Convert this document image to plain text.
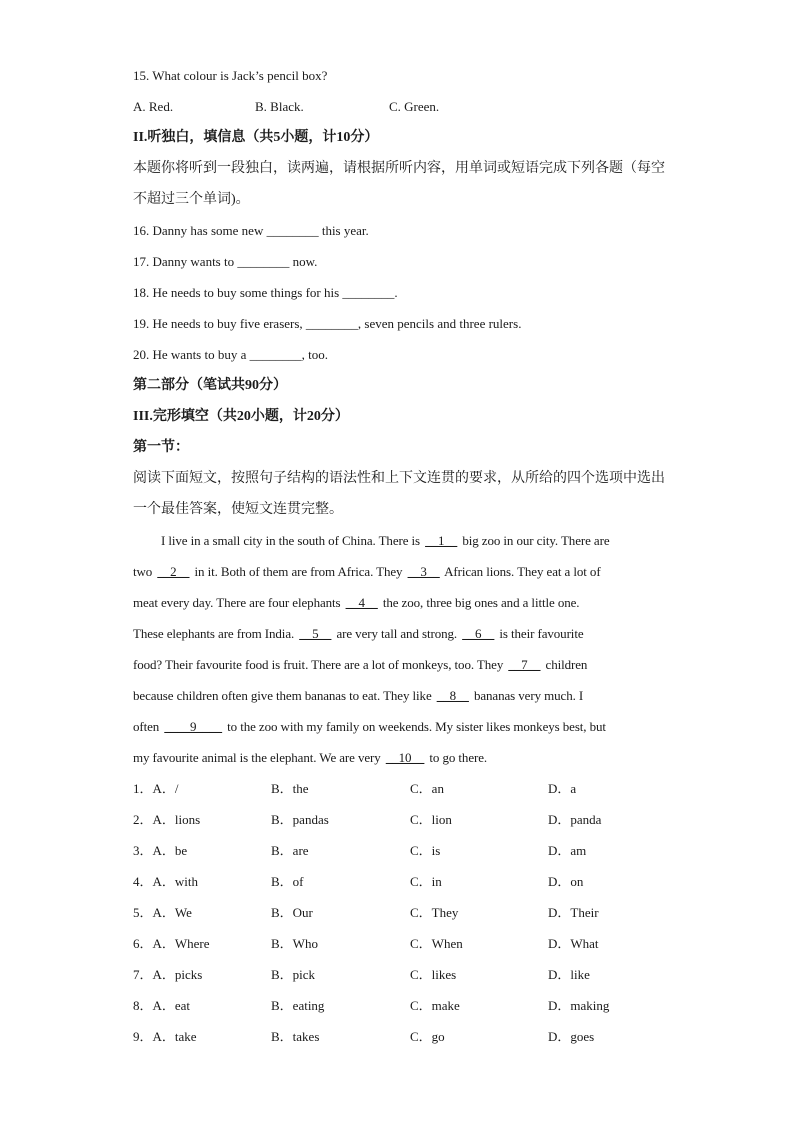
15. What colour is Jack’s pencil box?
A. Red.	B. Black.	C. Green.
II.听独白，填信息（共5小题，计10分）
本题你将听到一段独白，读两遍，请根据所听内容，用单词或短语完成下列各题（每空
不超过三个单词)。
16. Danny has some new ________ this year.
17. Danny wants to ________ now.
18. He needs to buy some things for his ________.
19. He needs to buy five erasers, ________, seven pencils and three rulers.
20. He wants to buy a ________, too.
第二部分（笔试共90分）
III.完形填空（共20小题，计20分）
第一节：
阅读下面短文，按照句子结构的语法性和上下文连贯的要求，从所给的四个选项中选出
一个最佳答案，使短文连贯完整。
I live in a small city in the south of China. There is __1__ big zoo in our city. There are
two __2__ in it. Both of them are from Africa. They __3__ African lions. They eat a lot of
meat every day. There are four elephants __4__ the zoo, three big ones and a little one.
These elephants are from India. __5__ are very tall and strong. __6__ is their favourite
food? Their favourite food is fruit. There are a lot of monkeys, too. They __7__ children
because children often give them bananas to eat. They like __8__ bananas very much. I
often ____9____ to the zoo with my family on weekends. My sister likes monkeys best, but
my favourite animal is the elephant. We are very __10__ to go there.
1．A．/	B．the	C．an	D．a
2．A．lions	B．pandas	C．lion	D．panda
3．A．be	B．are	C．is	D．am
4．A．with	B．of	C．in	D．on
5．A．We	B．Our	C．They	D．Their
6．A．Where	B．Who	C．When	D．What
7．A．picks	B．pick	C．likes	D．like
8．A．eat	B．eating	C．make	D．making
9．A．take	B．takes	C．go	D．goes
